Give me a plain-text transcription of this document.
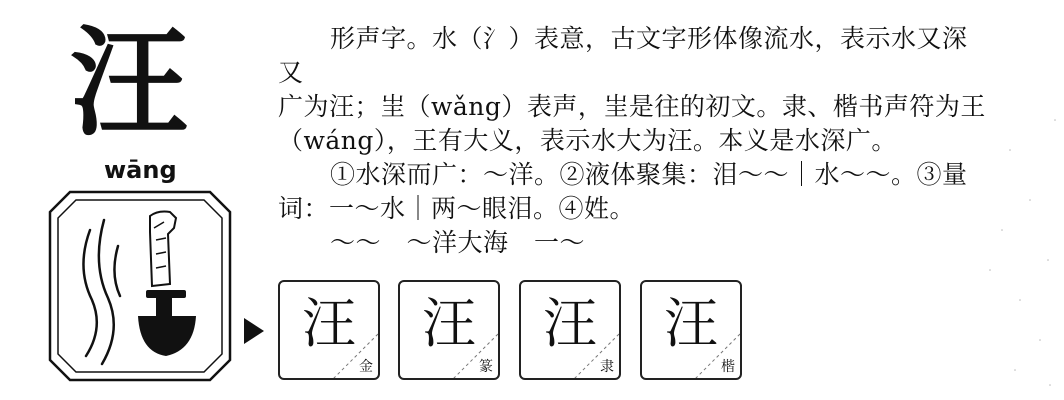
汪
wāng

形声字。水（氵）表意，古文字形体像流水，表示水又深又

广为汪；㞷（wǎng）表声，㞷是往的初文。隶、楷书声符为王

（wáng），王有大义，表示水大为汪。本义是水深广。

①水深而广：～洋。②液体聚集：泪～～｜水～～。③量

词：一～水｜两～眼泪。④姓。

～～　～洋大海　一～

汪
金
汪
篆
汪
隶
汪
楷
